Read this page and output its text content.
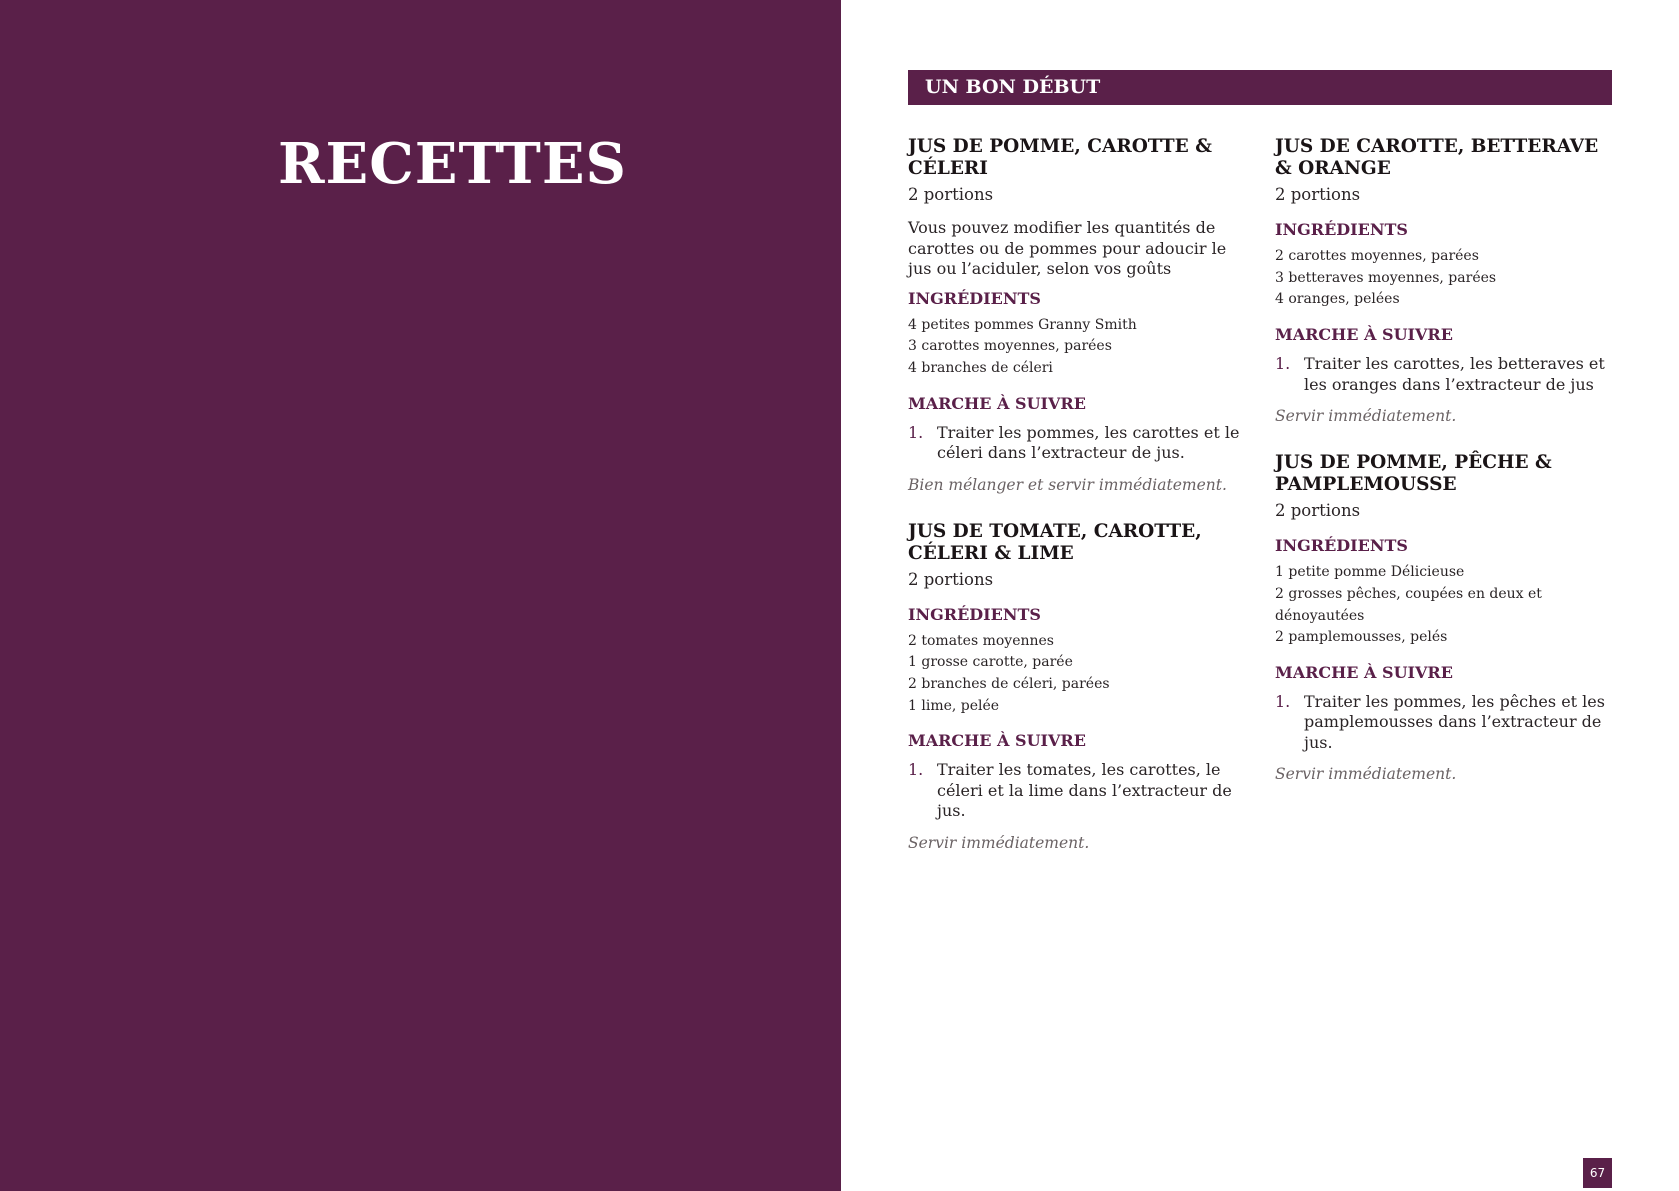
RECETTES
UN BON DÉBUT
JUS DE POMME, CAROTTE & CÉLERI

2 portions

Vous pouvez modifier les quantités de carottes ou de pommes pour adoucir le jus ou l’aciduler, selon vos goûts

INGRÉDIENTS
4 petites pommes Granny Smith
3 carottes moyennes, parées
4 branches de céleri
MARCHE À SUIVRE
1. Traiter les pommes, les carottes et le céleri dans l’extracteur de jus.

Bien mélanger et servir immédiatement.

JUS DE TOMATE, CAROTTE, CÉLERI & LIME

2 portions

INGRÉDIENTS
2 tomates moyennes
1 grosse carotte, parée
2 branches de céleri, parées
1 lime, pelée
MARCHE À SUIVRE
1. Traiter les tomates, les carottes, le céleri et la lime dans l’extracteur de jus.

Servir immédiatement.

JUS DE CAROTTE, BETTERAVE & ORANGE

2 portions

INGRÉDIENTS
2 carottes moyennes, parées
3 betteraves moyennes, parées
4 oranges, pelées
MARCHE À SUIVRE
1. Traiter les carottes, les betteraves et les oranges dans l’extracteur de jus

Servir immédiatement.

JUS DE POMME, PÊCHE & PAMPLEMOUSSE

2 portions

INGRÉDIENTS
1 petite pomme Délicieuse
2 grosses pêches, coupées en deux et dénoyautées
2 pamplemousses, pelés
MARCHE À SUIVRE
1. Traiter les pommes, les pêches et les pamplemousses dans l’extracteur de jus.

Servir immédiatement.

67
